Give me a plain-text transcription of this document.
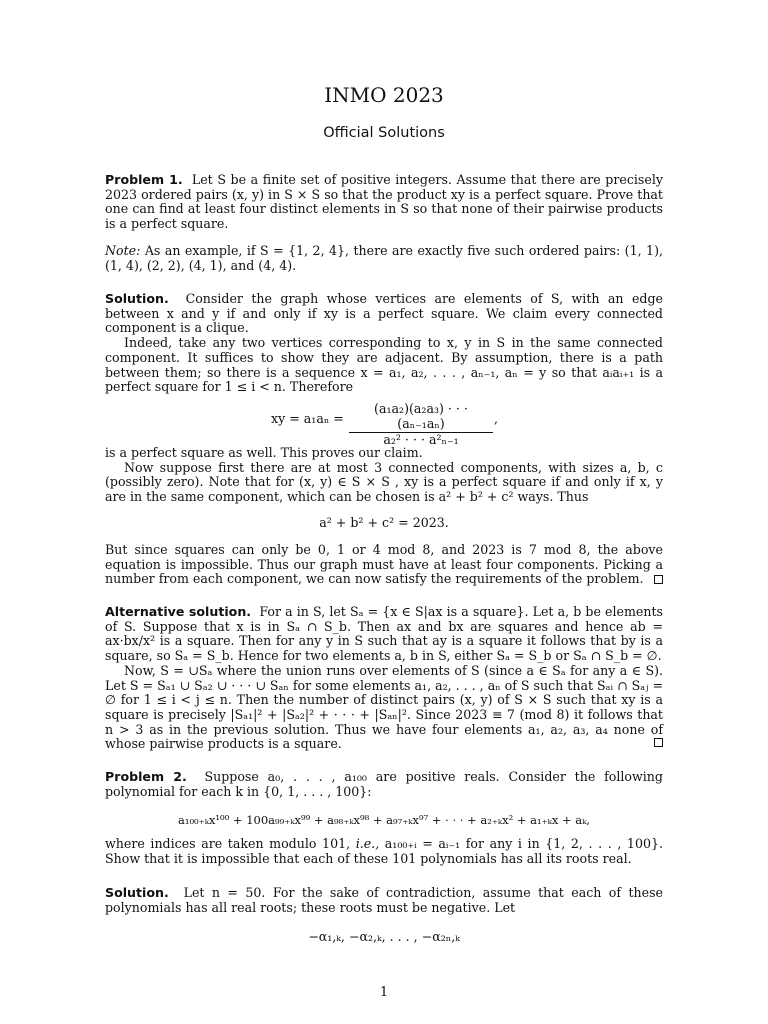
INMO 2023
Official Solutions

Problem 1. Let S be a finite set of positive integers. Assume that there are precisely 2023 ordered pairs (x, y) in S × S so that the product xy is a perfect square. Prove that one can find at least four distinct elements in S so that none of their pairwise products is a perfect square.

Note: As an example, if S = {1, 2, 4}, there are exactly five such ordered pairs: (1, 1), (1, 4), (2, 2), (4, 1), and (4, 4).

Solution. Consider the graph whose vertices are elements of S, with an edge between x and y if and only if xy is a perfect square. We claim every connected component is a clique.

Indeed, take any two vertices corresponding to x, y in S in the same connected component. It suffices to show they are adjacent. By assumption, there is a path between them; so there is a sequence x = a₁, a₂, . . . , aₙ₋₁, aₙ = y so that aᵢaᵢ₊₁ is a perfect square for 1 ≤ i < n. Therefore

xy = $a_1a_n = \frac{\text{(a₁a₂)(a₂a₃) · · · (aₙ₋₁aₙ)}}{\text{a₂² · · · a²ₙ₋₁}}$ ,

is a perfect square as well. This proves our claim.

Now suppose first there are at most 3 connected components, with sizes a, b, c (possibly zero). Note that for (x, y) ∈ S × S , xy is a perfect square if and only if x, y are in the same component, which can be chosen is a² + b² + c² ways. Thus

a² + b² + c² = 2023.

But since squares can only be 0, 1 or 4 mod 8, and 2023 is 7 mod 8, the above equation is impossible. Thus our graph must have at least four components. Picking a number from each component, we can now satisfy the requirements of the problem.

Alternative solution. For a in S, let Sₐ = {x ∈ S|ax is a square}. Let a, b be elements of S. Suppose that x is in Sₐ ∩ S_b. Then ax and bx are squares and hence ab = ax·bx/x² is a square. Then for any y in S such that ay is a square it follows that by is a square, so Sₐ = S_b. Hence for two elements a, b in S, either Sₐ = S_b or Sₐ ∩ S_b = ∅.

Now, S = ∪Sₐ where the union runs over elements of S (since a ∈ Sₐ for any a ∈ S). Let S = Sₐ₁ ∪ Sₐ₂ ∪ · · · ∪ Sₐₙ for some elements a₁, a₂, . . . , aₙ of S such that Sₐᵢ ∩ Sₐⱼ = ∅ for 1 ≤ i < j ≤ n. Then the number of distinct pairs (x, y) of S × S such that xy is a square is precisely |Sₐ₁|² + |Sₐ₂|² + · · · + |Sₐₙ|². Since 2023 ≡ 7 (mod 8) it follows that n > 3 as in the previous solution. Thus we have four elements a₁, a₂, a₃, a₄ none of whose pairwise products is a square.

Problem 2. Suppose a₀, . . . , a₁₀₀ are positive reals. Consider the following polynomial for each k in {0, 1, . . . , 100}:

a₁₀₀₊ₖx¹⁰⁰ + 100a₉₉₊ₖx⁹⁹ + a₉₈₊ₖx⁹⁸ + a₉₇₊ₖx⁹⁷ + · · · + a₂₊ₖx² + a₁₊ₖx + aₖ,

where indices are taken modulo 101, i.e., a₁₀₀₊ᵢ = aᵢ₋₁ for any i in {1, 2, . . . , 100}. Show that it is impossible that each of these 101 polynomials has all its roots real.

Solution. Let n = 50. For the sake of contradiction, assume that each of these polynomials has all real roots; these roots must be negative. Let

−α₁,ₖ, −α₂,ₖ, . . . , −α₂ₙ,ₖ

1
